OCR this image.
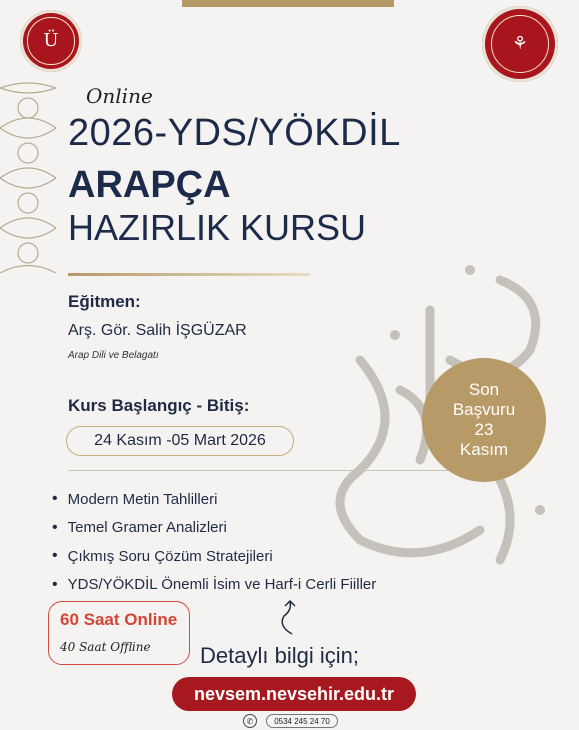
Ü	⚘
Online
2026-YDS/YÖKDİL
ARAPÇA
HAZIRLIK KURSU
Eğitmen:
Arş. Gör. Salih İŞGÜZAR
Arap Dili ve Belagatı
Kurs Başlangıç - Bitiş:
24 Kasım -05 Mart 2026
• Modern Metin Tahlilleri
• Temel Gramer Analizleri
• Çıkmış Soru Çözüm Stratejileri
• YDS/YÖKDİL Önemli İsim ve Harf-i Cerli Fiiller
Son
Başvuru
23
Kasım
60 Saat Online
40 Saat Offline Detaylı bilgi için;
nevsem.nevsehir.edu.tr
✆	0534 245 24 70
